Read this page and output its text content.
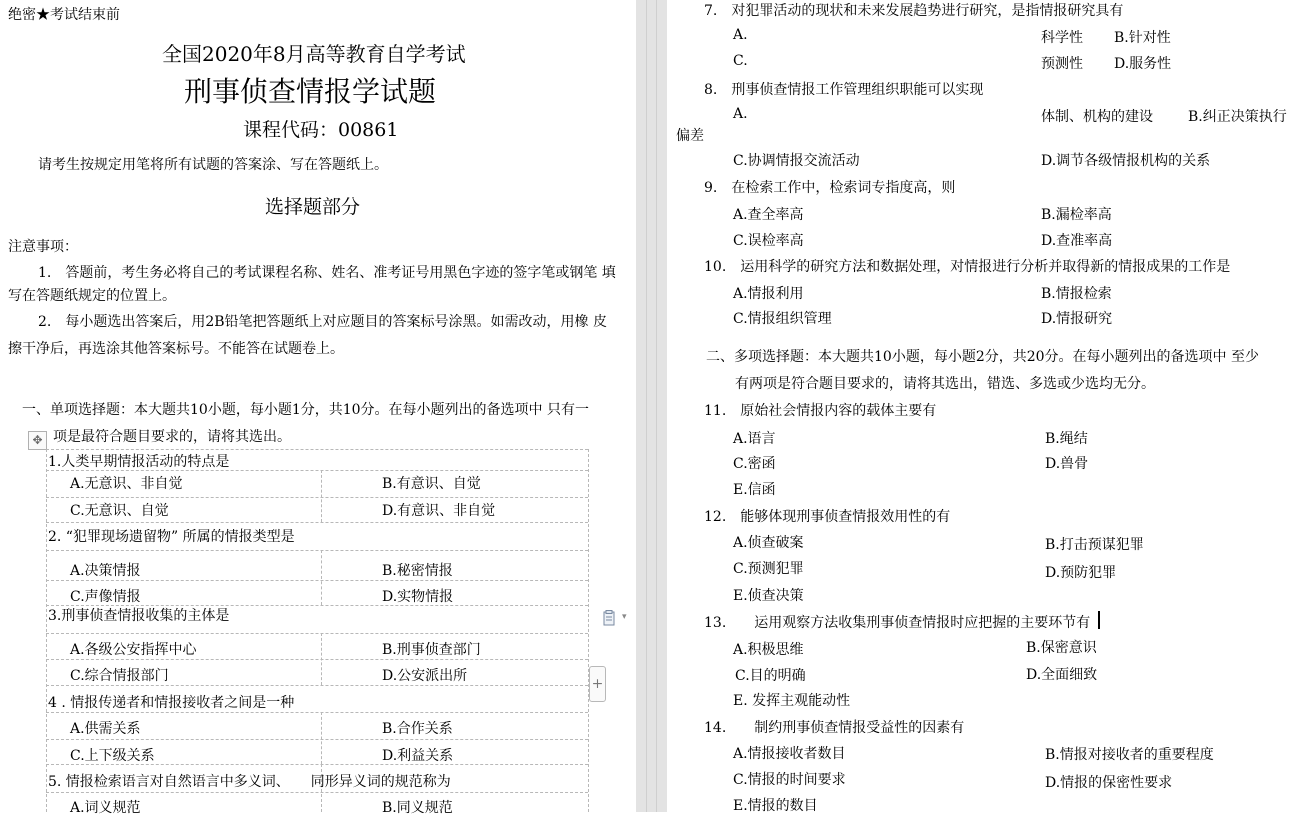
绝密★考试结束前
全国2020年8月高等教育自学考试
刑事侦查情报学试题
课程代码：00861
请考生按规定用笔将所有试题的答案涂、写在答题纸上。
选择题部分
注意事项：
1.　答题前，考生务必将自己的考试课程名称、姓名、准考证号用黑色字迹的签字笔或钢笔 填
写在答题纸规定的位置上。
2.　每小题选出答案后，用2B铅笔把答题纸上对应题目的答案标号涂黑。如需改动，用橡 皮
擦干净后，再选涂其他答案标号。不能答在试题卷上。
一、单项选择题：本大题共10小题，每小题1分，共10分。在每小题列出的备选项中 只有一
项是最符合题目要求的，请将其选出。
✥
1.人类早期情报活动的特点是
A.无意识、非自觉	B.有意识、自觉
C.无意识、自觉	D.有意识、非自觉
2. “犯罪现场遗留物” 所属的情报类型是
A.决策情报	B.秘密情报
C.声像情报	D.实物情报
3.刑事侦查情报收集的主体是
A.各级公安指挥中心	B.刑事侦查部门
C.综合情报部门	D.公安派出所
4 . 情报传递者和情报接收者之间是一种
A.供需关系	B.合作关系
C.上下级关系	D.利益关系
5. 情报检索语言对自然语言中多义词、　　同形异义词的规范称为
A.词义规范	B.同义规范
▾
+
7.　对犯罪活动的现状和未来发展趋势进行研究，是指情报研究具有
A.	科学性 B.针对性
C.	预测性 D.服务性
8.　刑事侦查情报工作管理组织职能可以实现
A.	体制、机构的建设	B.纠正决策执行
偏差
C.协调情报交流活动	D.调节各级情报机构的关系
9.　在检索工作中，检索词专指度高，则
A.查全率高	B.漏检率高
C.误检率高	D.查准率高
10.　运用科学的研究方法和数据处理，对情报进行分析并取得新的情报成果的工作是
A.情报利用	B.情报检索
C.情报组织管理	D.情报研究
二、多项选择题：本大题共10小题，每小题2分，共20分。在每小题列出的备选项中 至少
有两项是符合题目要求的，请将其选出，错选、多选或少选均无分。
11.　原始社会情报内容的载体主要有
A.语言	B.绳结
C.密函	D.兽骨
E.信函
12.　能够体现刑事侦查情报效用性的有
A.侦查破案	B.打击预谋犯罪
C.预测犯罪	D.预防犯罪
E.侦查决策
13.　　运用观察方法收集刑事侦查情报时应把握的主要环节有
A.积极思维	B.保密意识
C.目的明确	D.全面细致
E. 发挥主观能动性
14.　　制约刑事侦查情报受益性的因素有
A.情报接收者数目	B.情报对接收者的重要程度
C.情报的时间要求	D.情报的保密性要求
E.情报的数目
